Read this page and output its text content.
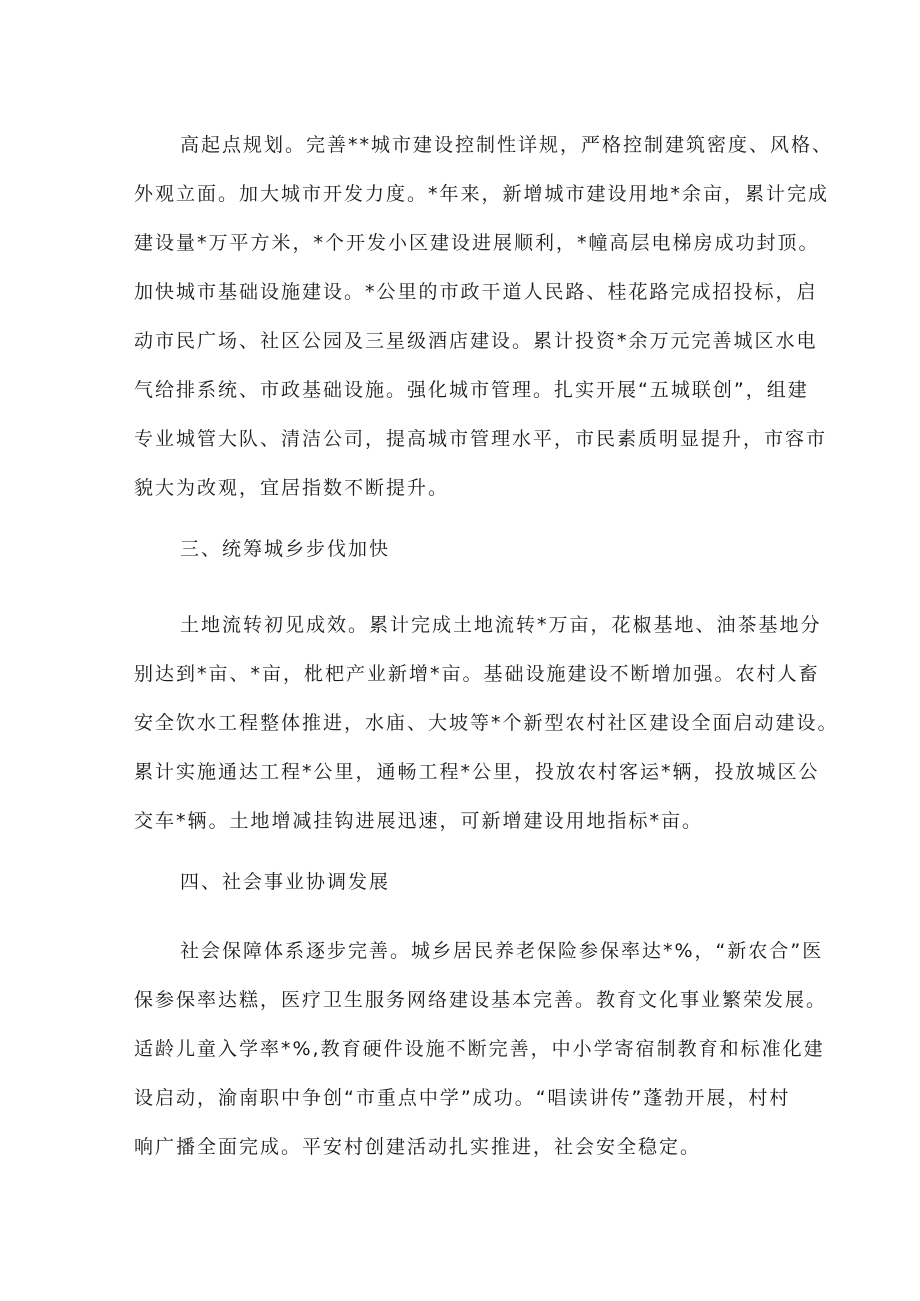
高起点规划。完善**城市建设控制性详规，严格控制建筑密度、风格、
外观立面。加大城市开发力度。*年来，新增城市建设用地*余亩，累计完成
建设量*万平方米，*个开发小区建设进展顺利，*幢高层电梯房成功封顶。
加快城市基础设施建设。*公里的市政干道人民路、桂花路完成招投标，启
动市民广场、社区公园及三星级酒店建设。累计投资*余万元完善城区水电
气给排系统、市政基础设施。强化城市管理。扎实开展“五城联创”，组建
专业城管大队、清洁公司，提高城市管理水平，市民素质明显提升，市容市
貌大为改观，宜居指数不断提升。
三、统筹城乡步伐加快
土地流转初见成效。累计完成土地流转*万亩，花椒基地、油茶基地分
别达到*亩、*亩，枇杷产业新增*亩。基础设施建设不断增加强。农村人畜
安全饮水工程整体推进，水庙、大坡等*个新型农村社区建设全面启动建设。
累计实施通达工程*公里，通畅工程*公里，投放农村客运*辆，投放城区公
交车*辆。土地增减挂钩进展迅速，可新增建设用地指标*亩。
四、社会事业协调发展
社会保障体系逐步完善。城乡居民养老保险参保率达*%，“新农合”医
保参保率达糕，医疗卫生服务网络建设基本完善。教育文化事业繁荣发展。
适龄儿童入学率*%,教育硬件设施不断完善，中小学寄宿制教育和标准化建
设启动，渝南职中争创“市重点中学”成功。“唱读讲传”蓬勃开展，村村
响广播全面完成。平安村创建活动扎实推进，社会安全稳定。
